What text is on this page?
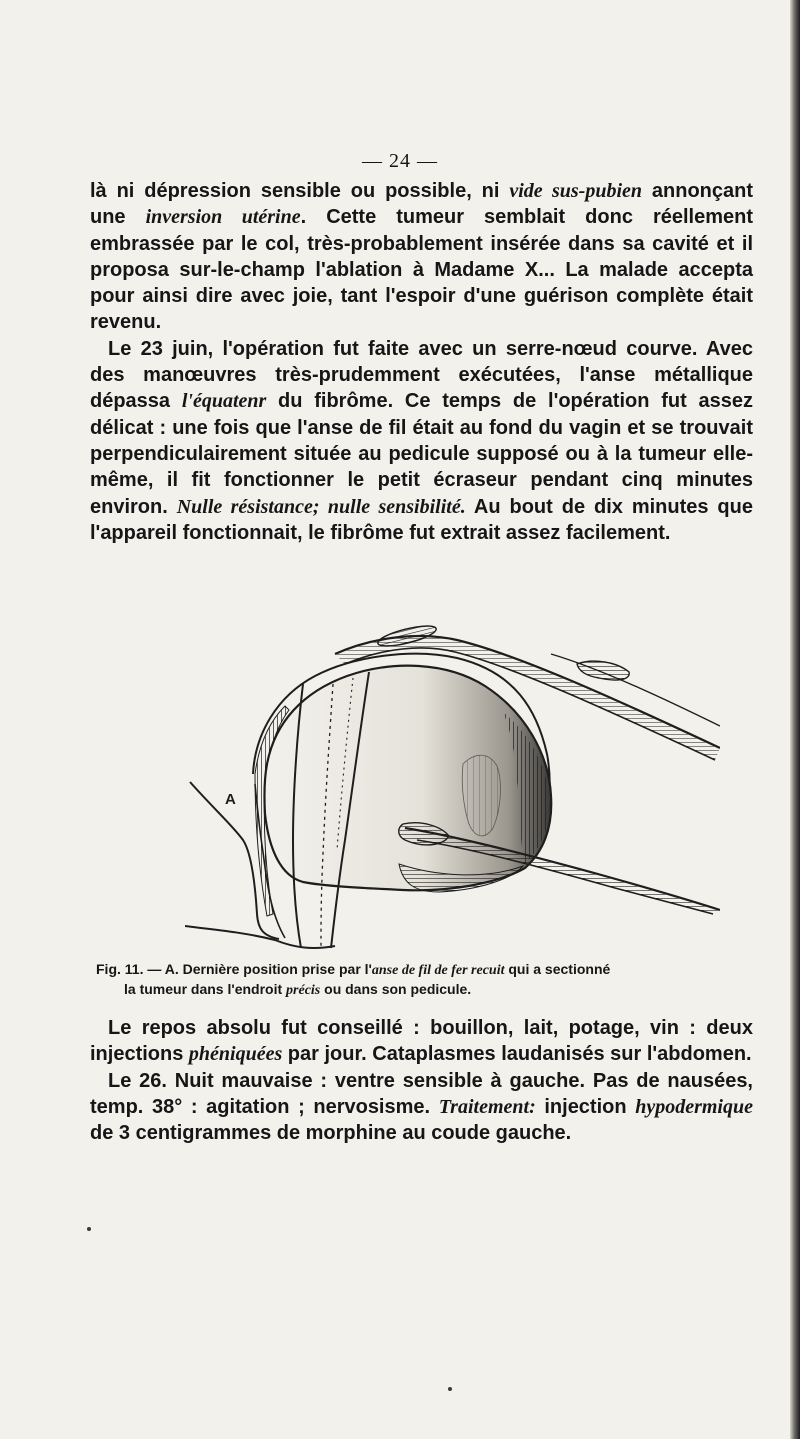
— 24 —

là ni dépression sensible ou possible, ni vide sus-pubien annonçant une inversion utérine. Cette tumeur semblait donc réellement embrassée par le col, très-probablement insérée dans sa cavité et il proposa sur-le-champ l'ablation à Madame X... La malade accepta pour ainsi dire avec joie, tant l'espoir d'une guérison complète était revenu.

Le 23 juin, l'opération fut faite avec un serre-nœud courve. Avec des manœuvres très-prudemment exécutées, l'anse métallique dépassa l'équatenr du fibrôme. Ce temps de l'opération fut assez délicat : une fois que l'anse de fil était au fond du vagin et se trouvait perpendiculairement située au pedicule supposé ou à la tumeur elle-même, il fit fonctionner le petit écraseur pendant cinq minutes environ. Nulle résistance; nulle sensibilité. Au bout de dix minutes que l'appareil fonctionnait, le fibrôme fut extrait assez facilement.

A
Fig. 11. — A. Dernière position prise par l'anse de fil de fer recuit qui a sectionné
la tumeur dans l'endroit précis ou dans son pedicule.

Le repos absolu fut conseillé : bouillon, lait, potage, vin : deux injections phéniquées par jour. Cataplasmes laudanisés sur l'abdomen.

Le 26. Nuit mauvaise : ventre sensible à gauche. Pas de nausées, temp. 38° : agitation ; nervosisme. Traitement: injection hypodermique de 3 centigrammes de morphine au coude gauche.
